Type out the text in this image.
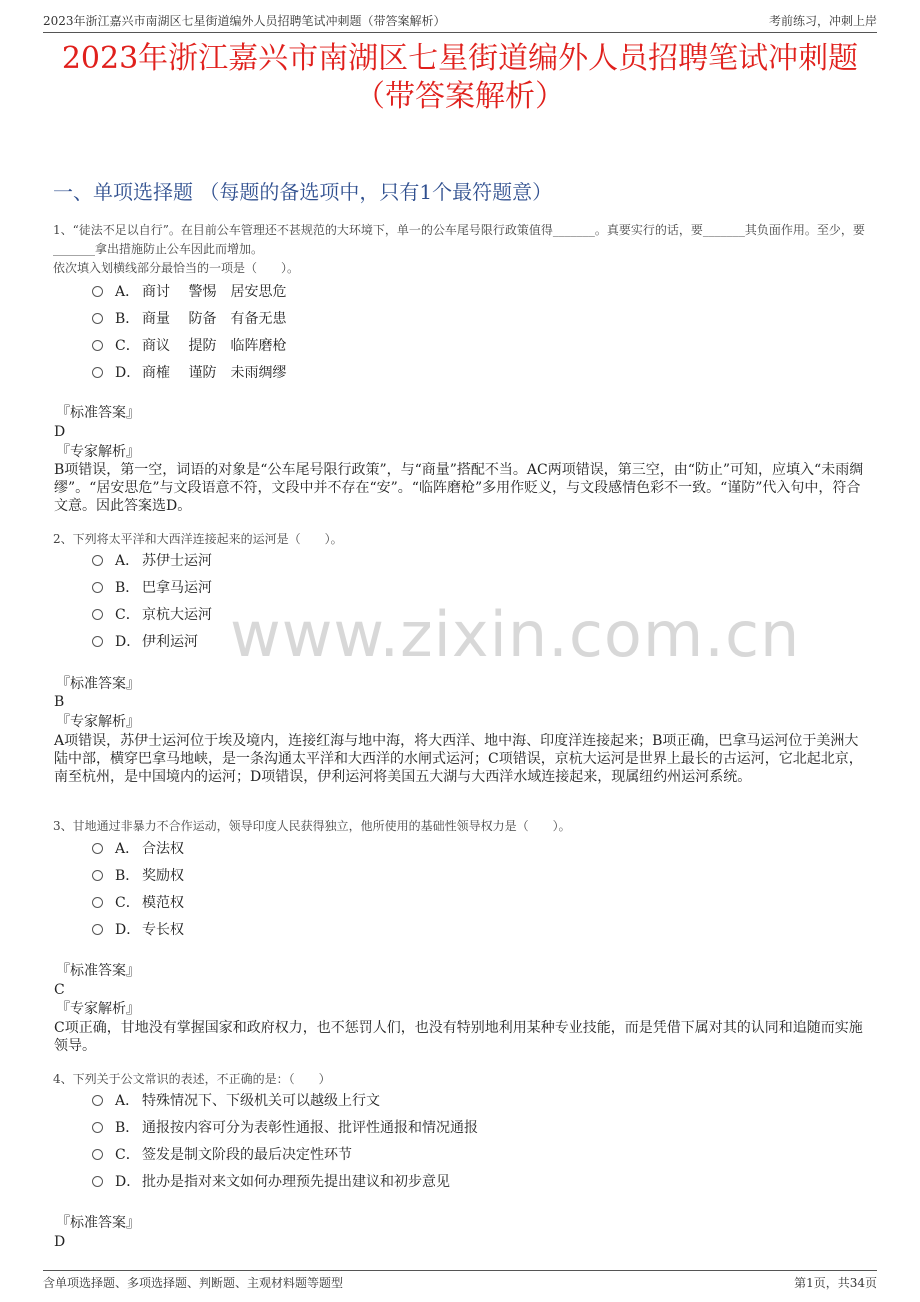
2023年浙江嘉兴市南湖区七星街道编外人员招聘笔试冲刺题（带答案解析）	考前练习，冲刺上岸
2023年浙江嘉兴市南湖区七星街道编外人员招聘笔试冲刺题
（带答案解析）
一、单项选择题 （每题的备选项中，只有1个最符题意）
www.zixin.com.cn
1、“徒法不足以自行”。在目前公车管理还不甚规范的大环境下，单一的公车尾号限行政策值得_______。真要实行的话，要_______其负面作用。至少，要_______拿出措施防止公车因此而增加。
依次填入划横线部分最恰当的一项是（　　）。
A． 商讨　 警惕　居安思危
B． 商量　 防备　有备无患
C． 商议　 提防　临阵磨枪
D． 商榷　 谨防　未雨绸缪
『标准答案』
D
『专家解析』
B项错误，第一空，词语的对象是“公车尾号限行政策”，与“商量”搭配不当。AC两项错误，第三空，由“防止”可知，应填入“未雨绸缪”。“居安思危”与文段语意不符，文段中并不存在“安”。“临阵磨枪”多用作贬义，与文段感情色彩不一致。“谨防”代入句中，符合文意。因此答案选D。
2、下列将太平洋和大西洋连接起来的运河是（　　）。
A． 苏伊士运河
B． 巴拿马运河
C． 京杭大运河
D． 伊利运河
『标准答案』
B
『专家解析』
A项错误，苏伊士运河位于埃及境内，连接红海与地中海，将大西洋、地中海、印度洋连接起来；B项正确，巴拿马运河位于美洲大陆中部，横穿巴拿马地峡，是一条沟通太平洋和大西洋的水闸式运河；C项错误，京杭大运河是世界上最长的古运河，它北起北京，南至杭州，是中国境内的运河；D项错误，伊利运河将美国五大湖与大西洋水域连接起来，现属纽约州运河系统。
3、甘地通过非暴力不合作运动，领导印度人民获得独立，他所使用的基础性领导权力是（　　）。
A． 合法权
B． 奖励权
C． 模范权
D． 专长权
『标准答案』
C
『专家解析』
C项正确，甘地没有掌握国家和政府权力，也不惩罚人们，也没有特别地利用某种专业技能，而是凭借下属对其的认同和追随而实施领导。
4、下列关于公文常识的表述，不正确的是：（　　）
A． 特殊情况下、下级机关可以越级上行文
B． 通报按内容可分为表彰性通报、批评性通报和情况通报
C． 签发是制文阶段的最后决定性环节
D． 批办是指对来文如何办理预先提出建议和初步意见
『标准答案』
D
含单项选择题、多项选择题、判断题、主观材料题等题型	第1页，共34页
